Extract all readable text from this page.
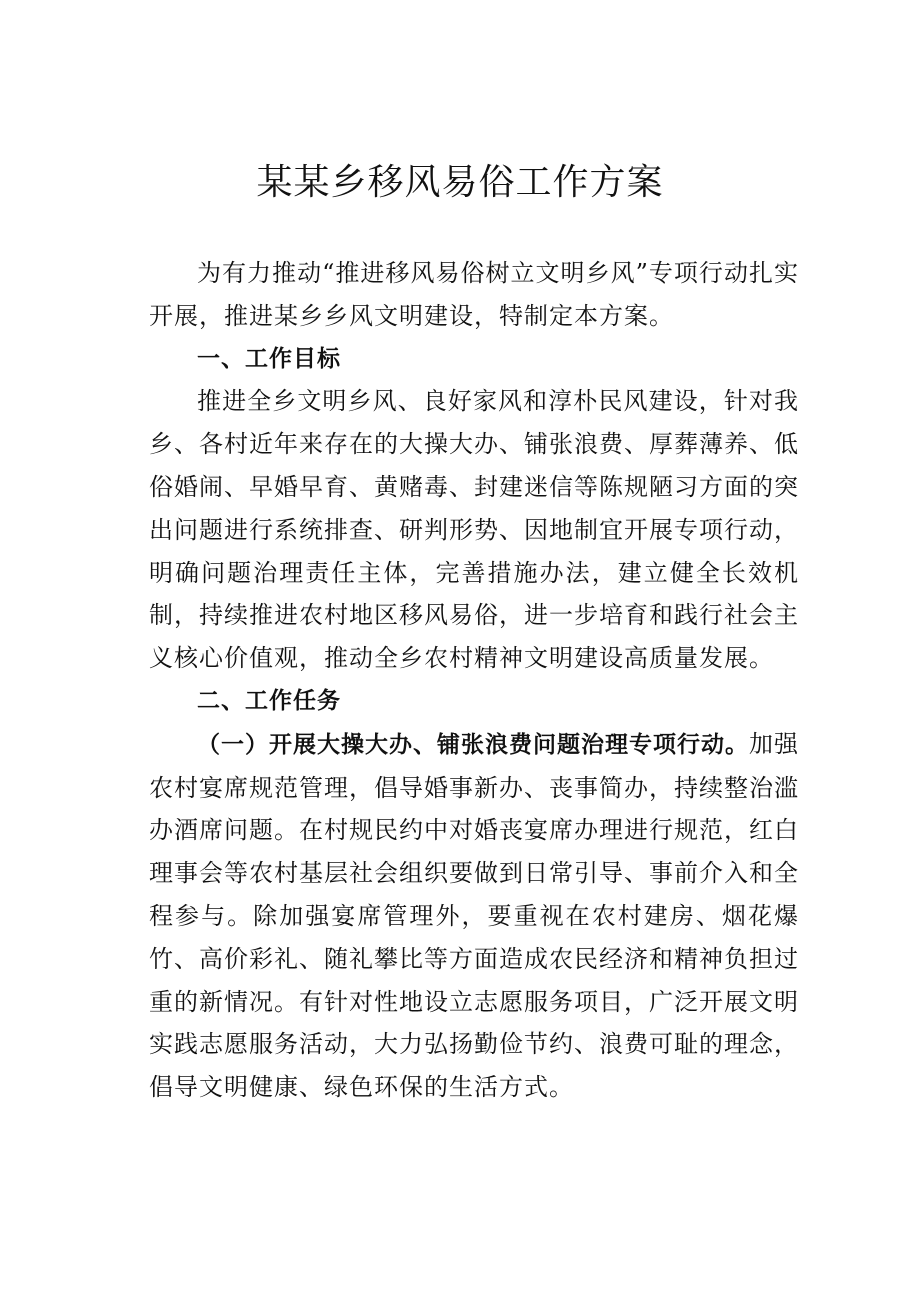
某某乡移风易俗工作方案

为有力推动“推进移风易俗树立文明乡风”专项行动扎实开展，推进某乡乡风文明建设，特制定本方案。

一、工作目标

推进全乡文明乡风、良好家风和淳朴民风建设，针对我乡、各村近年来存在的大操大办、铺张浪费、厚葬薄养、低俗婚闹、早婚早育、黄赌毒、封建迷信等陈规陋习方面的突出问题进行系统排查、研判形势、因地制宜开展专项行动，明确问题治理责任主体，完善措施办法，建立健全长效机制，持续推进农村地区移风易俗，进一步培育和践行社会主义核心价值观，推动全乡农村精神文明建设高质量发展。

二、工作任务

（一）开展大操大办、铺张浪费问题治理专项行动。加强农村宴席规范管理，倡导婚事新办、丧事简办，持续整治滥办酒席问题。在村规民约中对婚丧宴席办理进行规范，红白理事会等农村基层社会组织要做到日常引导、事前介入和全程参与。除加强宴席管理外，要重视在农村建房、烟花爆竹、高价彩礼、随礼攀比等方面造成农民经济和精神负担过重的新情况。有针对性地设立志愿服务项目，广泛开展文明实践志愿服务活动，大力弘扬勤俭节约、浪费可耻的理念，倡导文明健康、绿色环保的生活方式。
